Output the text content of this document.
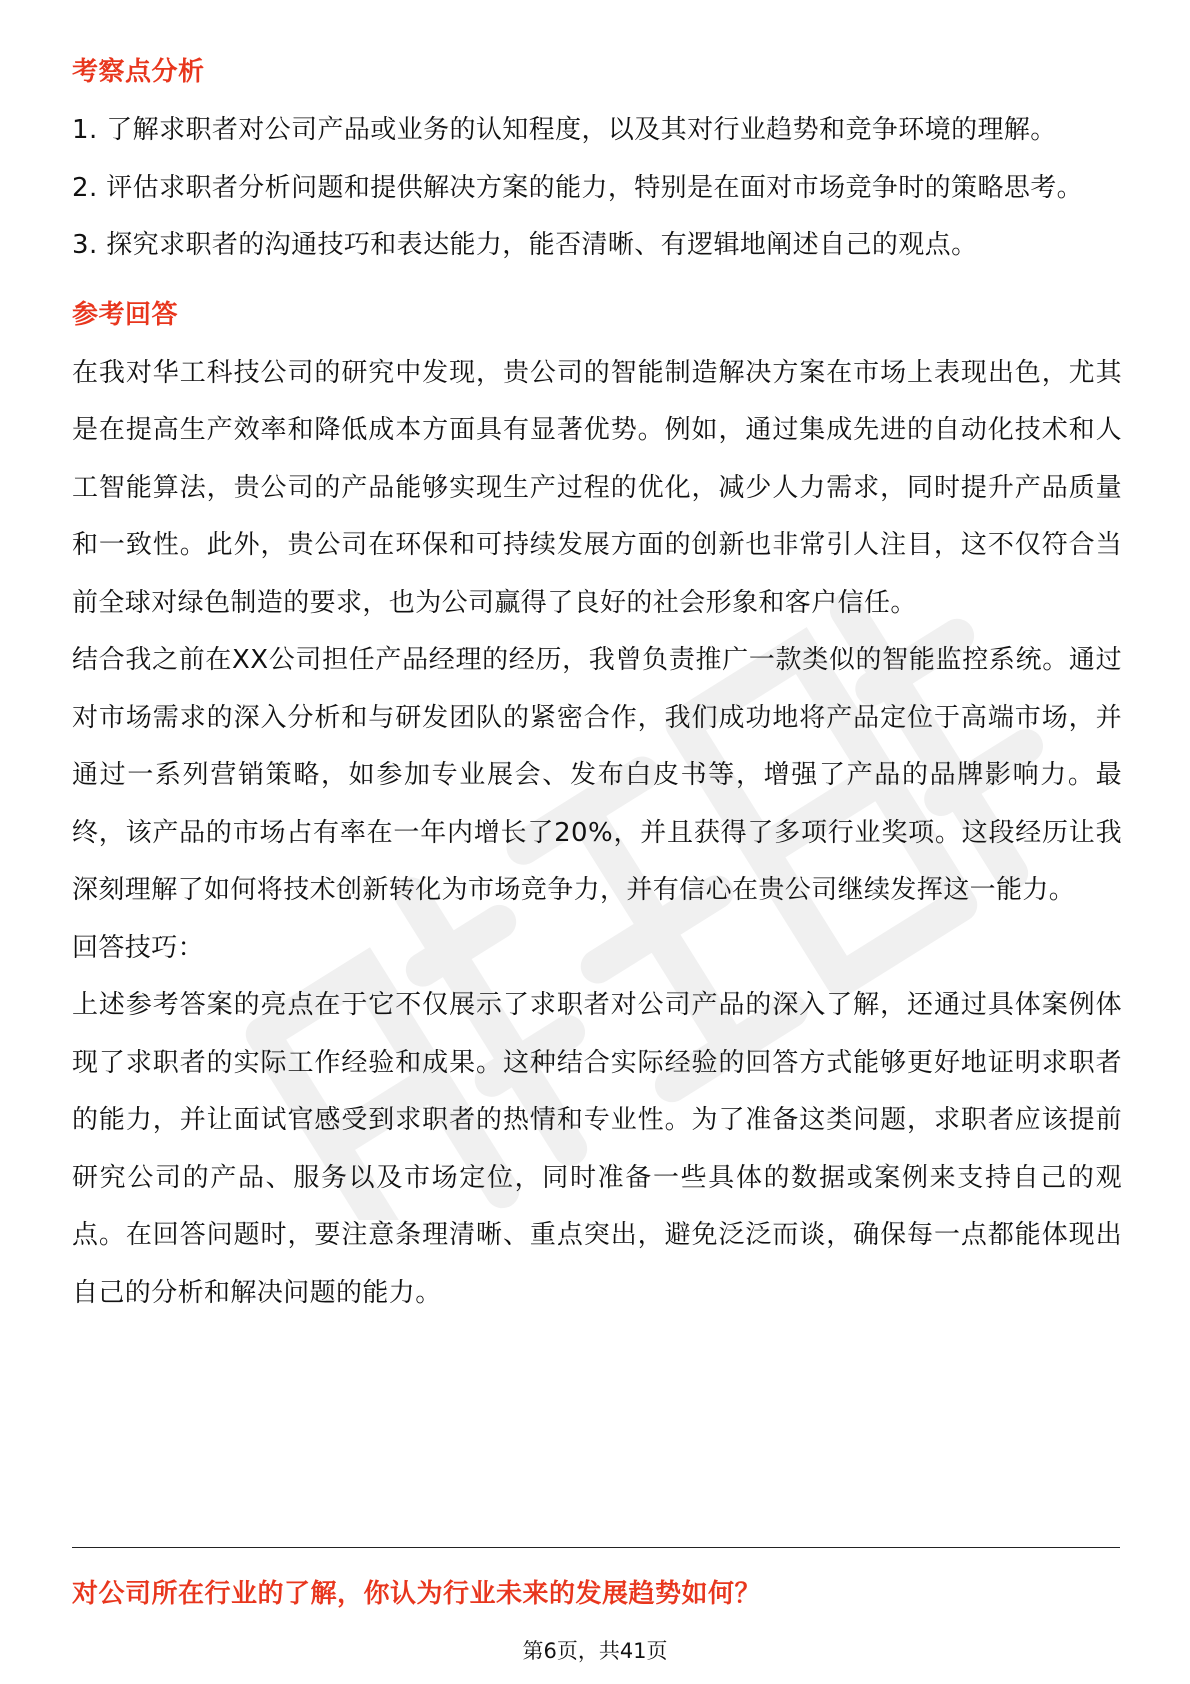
考察点分析

1. 了解求职者对公司产品或业务的认知程度，以及其对行业趋势和竞争环境的理解。

2. 评估求职者分析问题和提供解决方案的能力，特别是在面对市场竞争时的策略思考。

3. 探究求职者的沟通技巧和表达能力，能否清晰、有逻辑地阐述自己的观点。

参考回答

在我对华工科技公司的研究中发现，贵公司的智能制造解决方案在市场上表现出色，尤其是在提高生产效率和降低成本方面具有显著优势。例如，通过集成先进的自动化技术和人工智能算法，贵公司的产品能够实现生产过程的优化，减少人力需求，同时提升产品质量和一致性。此外，贵公司在环保和可持续发展方面的创新也非常引人注目，这不仅符合当前全球对绿色制造的要求，也为公司赢得了良好的社会形象和客户信任。

结合我之前在XX公司担任产品经理的经历，我曾负责推广一款类似的智能监控系统。通过对市场需求的深入分析和与研发团队的紧密合作，我们成功地将产品定位于高端市场，并通过一系列营销策略，如参加专业展会、发布白皮书等，增强了产品的品牌影响力。最终，该产品的市场占有率在一年内增长了20%，并且获得了多项行业奖项。这段经历让我深刻理解了如何将技术创新转化为市场竞争力，并有信心在贵公司继续发挥这一能力。

回答技巧：

上述参考答案的亮点在于它不仅展示了求职者对公司产品的深入了解，还通过具体案例体现了求职者的实际工作经验和成果。这种结合实际经验的回答方式能够更好地证明求职者的能力，并让面试官感受到求职者的热情和专业性。为了准备这类问题，求职者应该提前研究公司的产品、服务以及市场定位，同时准备一些具体的数据或案例来支持自己的观点。在回答问题时，要注意条理清晰、重点突出，避免泛泛而谈，确保每一点都能体现出自己的分析和解决问题的能力。

对公司所在行业的了解，你认为行业未来的发展趋势如何？

第6页，共41页
